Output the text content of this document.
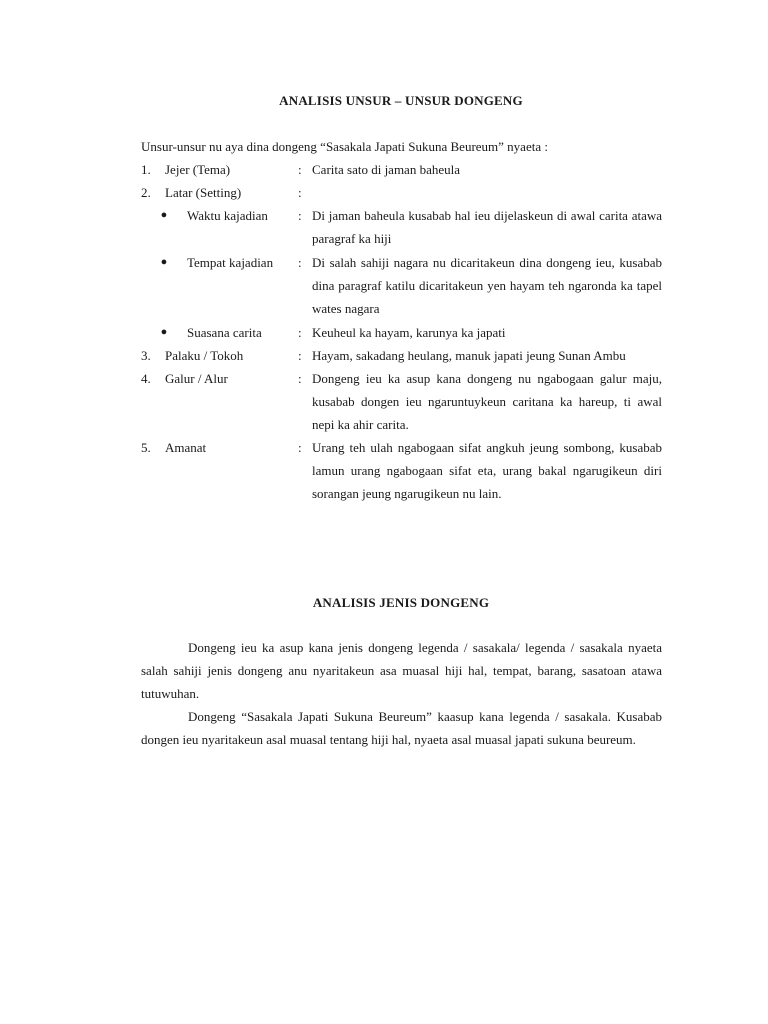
ANALISIS UNSUR – UNSUR DONGENG
Unsur-unsur nu aya dina dongeng “Sasakala Japati Sukuna Beureum” nyaeta :
1.	Jejer (Tema)	: Carita sato di jaman baheula
2.	Latar (Setting)	:
●	Waktu kajadian	: Di jaman baheula kusabab hal ieu dijelaskeun di awal carita atawa paragraf ka hiji
●	Tempat kajadian	: Di salah sahiji nagara nu dicaritakeun dina dongeng ieu, kusabab dina paragraf katilu dicaritakeun yen hayam teh ngaronda ka tapel wates nagara
●	Suasana carita	: Keuheul ka hayam, karunya ka japati
3.	Palaku / Tokoh	: Hayam, sakadang heulang, manuk japati jeung Sunan Ambu
4.	Galur / Alur	: Dongeng ieu ka asup kana dongeng nu ngabogaan galur maju, kusabab dongen ieu ngaruntuykeun caritana ka hareup, ti awal nepi ka ahir carita.
5.	Amanat	: Urang teh ulah ngabogaan sifat angkuh jeung sombong, kusabab lamun urang ngabogaan sifat eta, urang bakal ngarugikeun diri sorangan jeung ngarugikeun nu lain.
ANALISIS JENIS DONGENG

Dongeng ieu ka asup kana jenis dongeng legenda / sasakala/ legenda / sasakala nyaeta salah sahiji jenis dongeng anu nyaritakeun asa muasal hiji hal, tempat, barang, sasatoan atawa tutuwuhan.

Dongeng “Sasakala Japati Sukuna Beureum” kaasup kana legenda / sasakala. Kusabab dongen ieu nyaritakeun asal muasal tentang hiji hal, nyaeta asal muasal japati sukuna beureum.
